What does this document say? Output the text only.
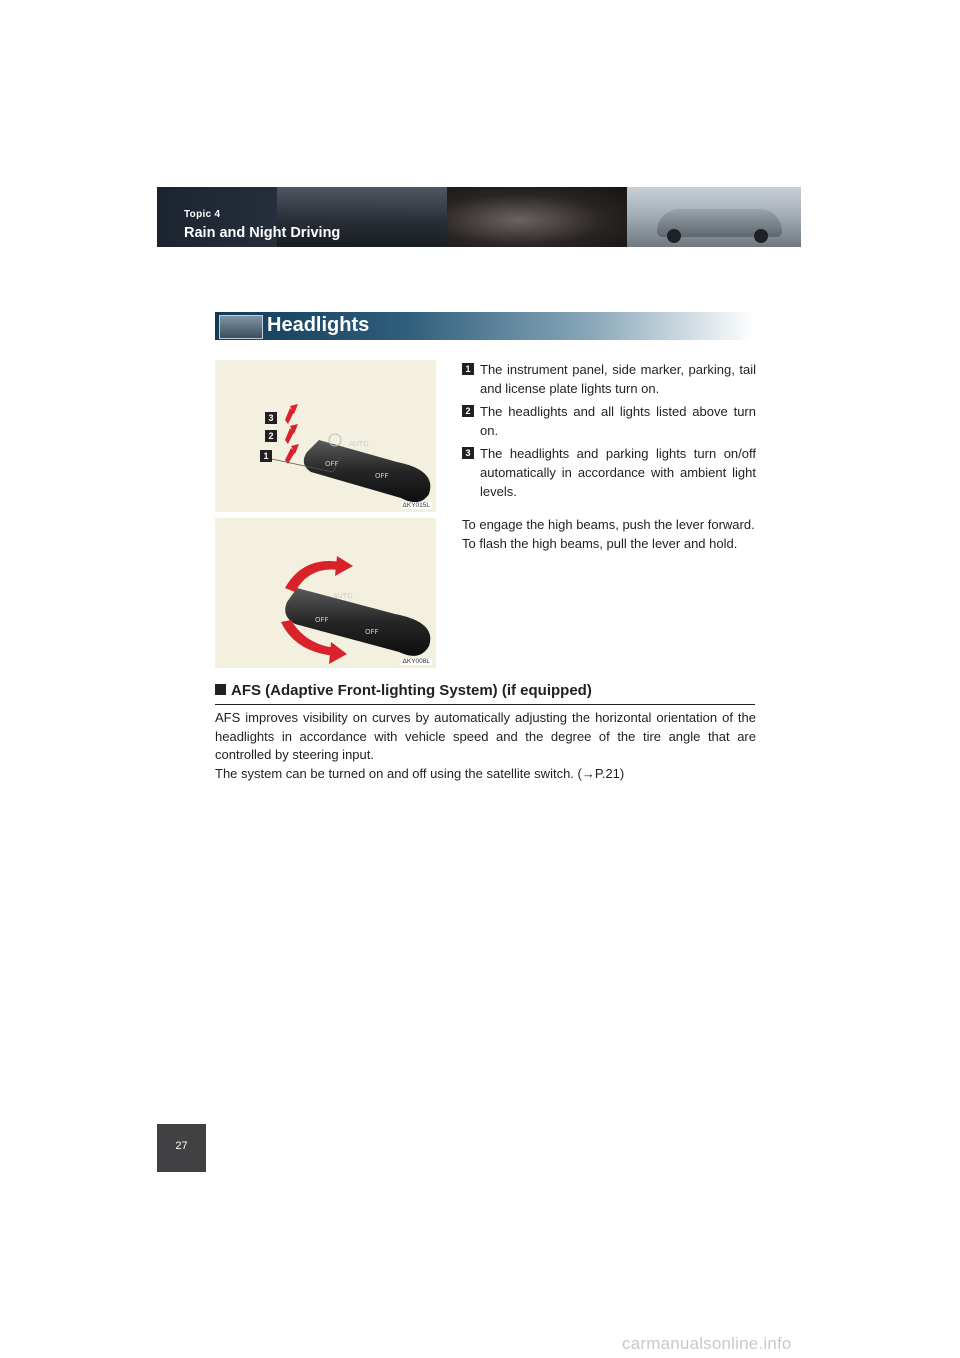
Topic 4
Rain and Night Driving
Headlights
AUTO
OFF
OFF
3
2
1
ΔKY015L
AUTO
OFF
OFF
ΔKY008L
1 The instrument panel, side marker, parking, tail and license plate lights turn on.
2 The headlights and all lights listed above turn on.
3 The headlights and parking lights turn on/off automatically in accordance with ambient light levels.

To engage the high beams, push the lever forward.

To flash the high beams, pull the lever and hold.

AFS (Adaptive Front-lighting System) (if equipped)

AFS improves visibility on curves by automatically adjusting the horizontal orientation of the headlights in accordance with vehicle speed and the degree of the tire angle that are controlled by steering input.

The system can be turned on and off using the satellite switch. (→P.21)

27
carmanualsonline.info
